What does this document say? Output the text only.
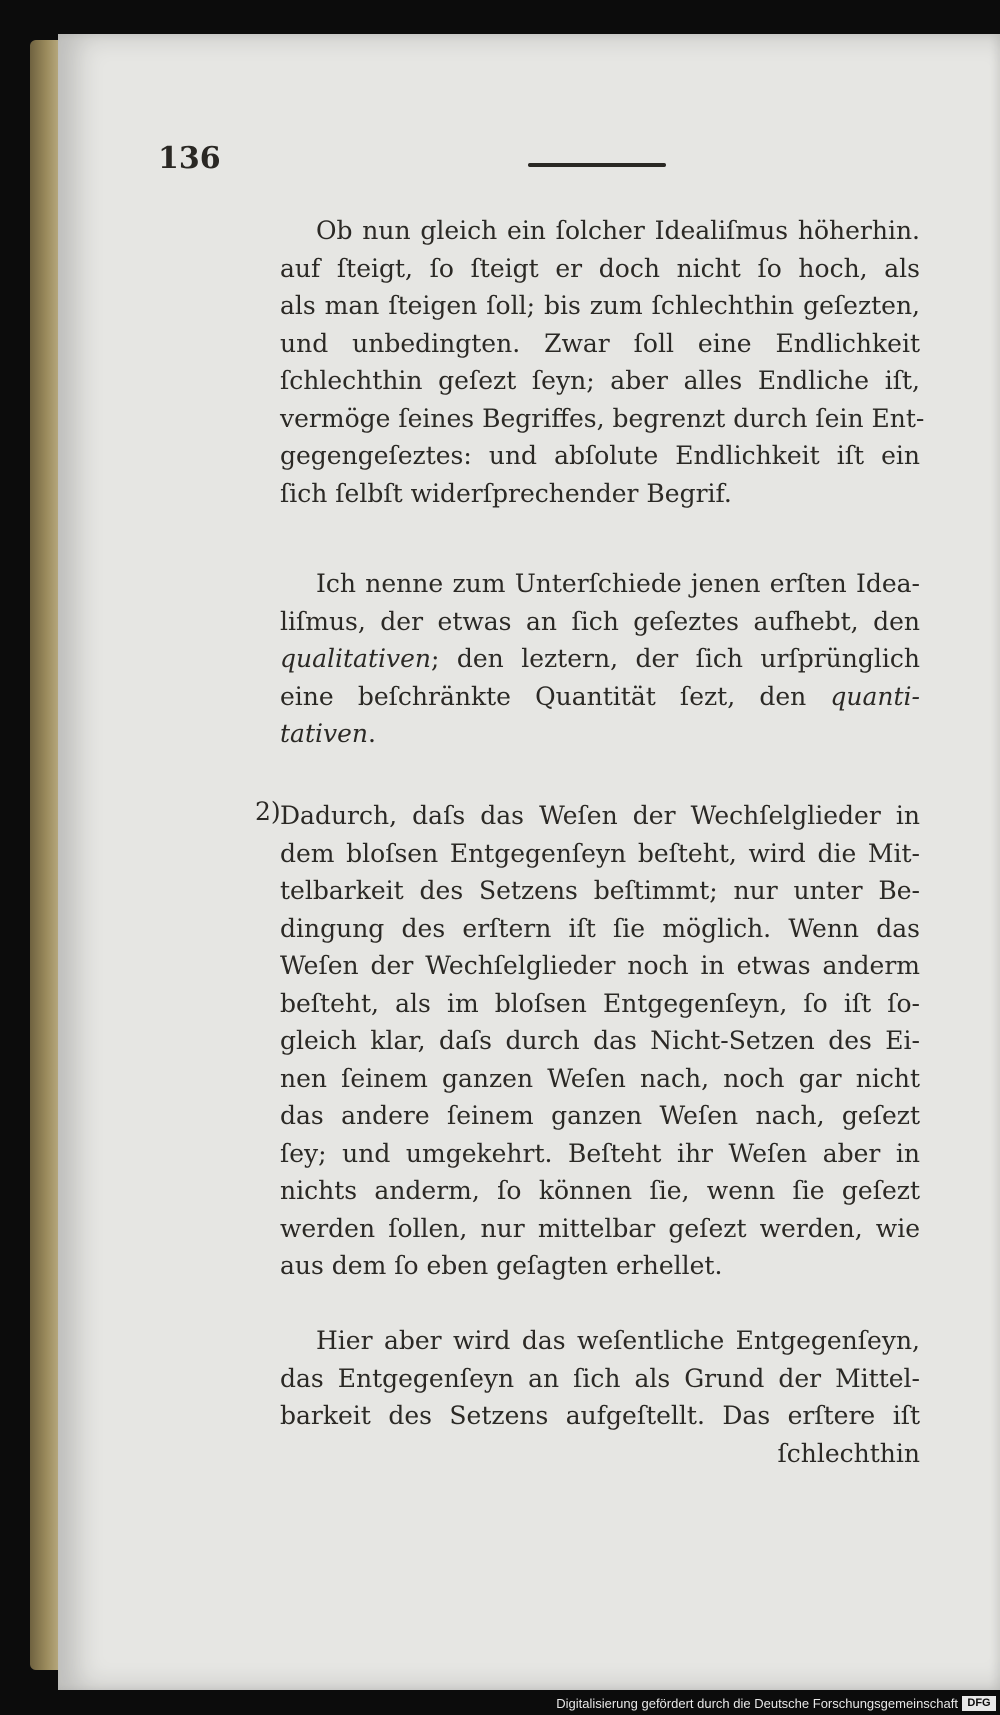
136
Ob nun gleich ein ſolcher Idealiſmus höherhin.
auf ſteigt, ſo ſteigt er doch nicht ſo hoch, als
als man ſteigen ſoll; bis zum ſchlechthin geſezten,
und unbedingten. Zwar ſoll eine Endlichkeit
ſchlechthin geſezt ſeyn; aber alles Endliche iſt,
vermöge ſeines Begriffes, begrenzt durch ſein Ent-
gegengeſeztes: und abſolute Endlichkeit iſt ein
ſich ſelbſt widerſprechender Begrif.
Ich nenne zum Unterſchiede jenen erſten Idea-
liſmus, der etwas an ſich geſeztes aufhebt, den
qualitativen; den leztern, der ſich urſprünglich
eine beſchränkte Quantität ſezt, den quanti-
tativen.
2) Dadurch, daſs das Weſen der Wechſelglieder in
dem bloſsen Entgegenſeyn beſteht, wird die Mit-
telbarkeit des Setzens beſtimmt; nur unter Be-
dingung des erſtern iſt ſie möglich. Wenn das
Weſen der Wechſelglieder noch in etwas anderm
beſteht, als im bloſsen Entgegenſeyn, ſo iſt ſo-
gleich klar, daſs durch das Nicht-Setzen des Ei-
nen ſeinem ganzen Weſen nach, noch gar nicht
das andere ſeinem ganzen Weſen nach, geſezt
ſey; und umgekehrt. Beſteht ihr Weſen aber in
nichts anderm, ſo können ſie, wenn ſie geſezt
werden ſollen, nur mittelbar geſezt werden, wie
aus dem ſo eben geſagten erhellet.
Hier aber wird das weſentliche Entgegenſeyn,
das Entgegenſeyn an ſich als Grund der Mittel-
barkeit des Setzens aufgeſtellt. Das erſtere iſt
ſchlechthin
Digitalisierung gefördert durch die Deutsche Forschungsgemeinschaft DFG
